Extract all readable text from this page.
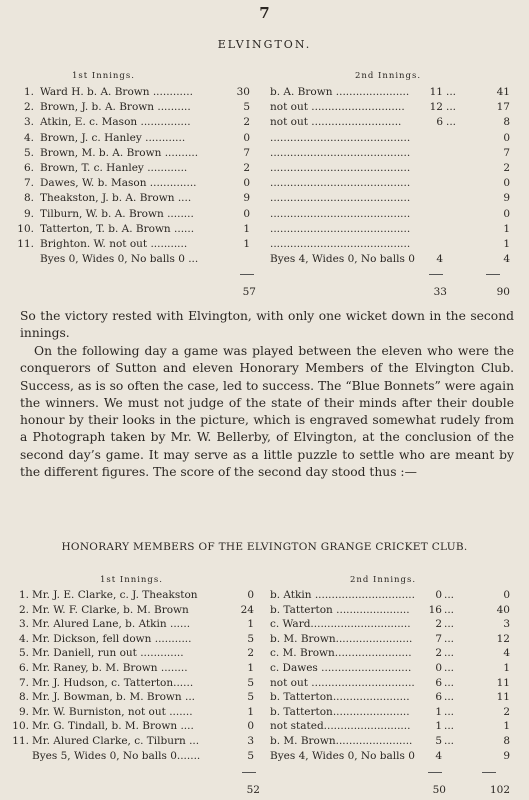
7
ELVINGTON.
1st Innings.	2nd Innings.
1. Ward H. b. A. Brown ............	30 b. A. Brown ......................	11 ...	41
2. Brown, J. b. A. Brown ..........	5 not out ............................	12 ...	17
3. Atkin, E. c. Mason ...............	2 not out ...........................	6 ...	8
4. Brown, J. c. Hanley ............	0 ..........................................	0
5. Brown, M. b. A. Brown ..........	7 ..........................................	7
6. Brown, T. c. Hanley ............	2 ..........................................	2
7. Dawes, W. b. Mason ..............	0 ..........................................	0
8. Theakston, J. b. A. Brown ....	9 ..........................................	9
9. Tilburn, W. b. A. Brown ........	0 ..........................................	0
10. Tatterton, T. b. A. Brown ......	1 ..........................................	1
11. Brighton. W. not out ...........	1 ..........................................	1
Byes 0, Wides 0, No balls 0 ...	Byes 4, Wides 0, No balls 0	4	4
57	33	90
So the victory rested with Elvington, with only one wicket down in the second innings.
On the following day a game was played between the eleven who were the conquerors of Sutton and eleven Honorary Members of the Elvington Club. Success, as is so often the case, led to success. The “Blue Bonnets” were again the winners. We must not judge of the state of their minds after their double honour by their looks in the picture, which is engraved somewhat rudely from a Photograph taken by Mr. W. Bellerby, of Elvington, at the conclusion of the second day’s game. It may serve as a little puzzle to settle who are meant by the different figures. The score of the second day stood thus :—
HONORARY MEMBERS OF THE ELVINGTON GRANGE CRICKET CLUB.
1st Innings.	2nd Innings.
1. Mr. J. E. Clarke, c. J. Theakston	0 b. Atkin ..............................	0 ...	0
2. Mr. W. F. Clarke, b. M. Brown	24 b. Tatterton ......................	16 ...	40
3. Mr. Alured Lane, b. Atkin ......	1 c. Ward..............................	2 ...	3
4. Mr. Dickson, fell down ...........	5 b. M. Brown.......................	7 ...	12
5. Mr. Daniell, run out .............	2 c. M. Brown.......................	2 ...	4
6. Mr. Raney, b. M. Brown ........	1 c. Dawes ...........................	0 ...	1
7. Mr. J. Hudson, c. Tatterton......	5 not out ...............................	6 ...	11
8. Mr. J. Bowman, b. M. Brown ...	5 b. Tatterton.......................	6 ...	11
9. Mr. W. Burniston, not out .......	1 b. Tatterton.......................	1 ...	2
10. Mr. G. Tindall, b. M. Brown ....	0 not stated..........................	1 ...	1
11. Mr. Alured Clarke, c. Tilburn ...	3 b. M. Brown.......................	5 ...	8
Byes 5, Wides 0, No balls 0.......	5 Byes 4, Wides 0, No balls 0	4	9
52	50	102
